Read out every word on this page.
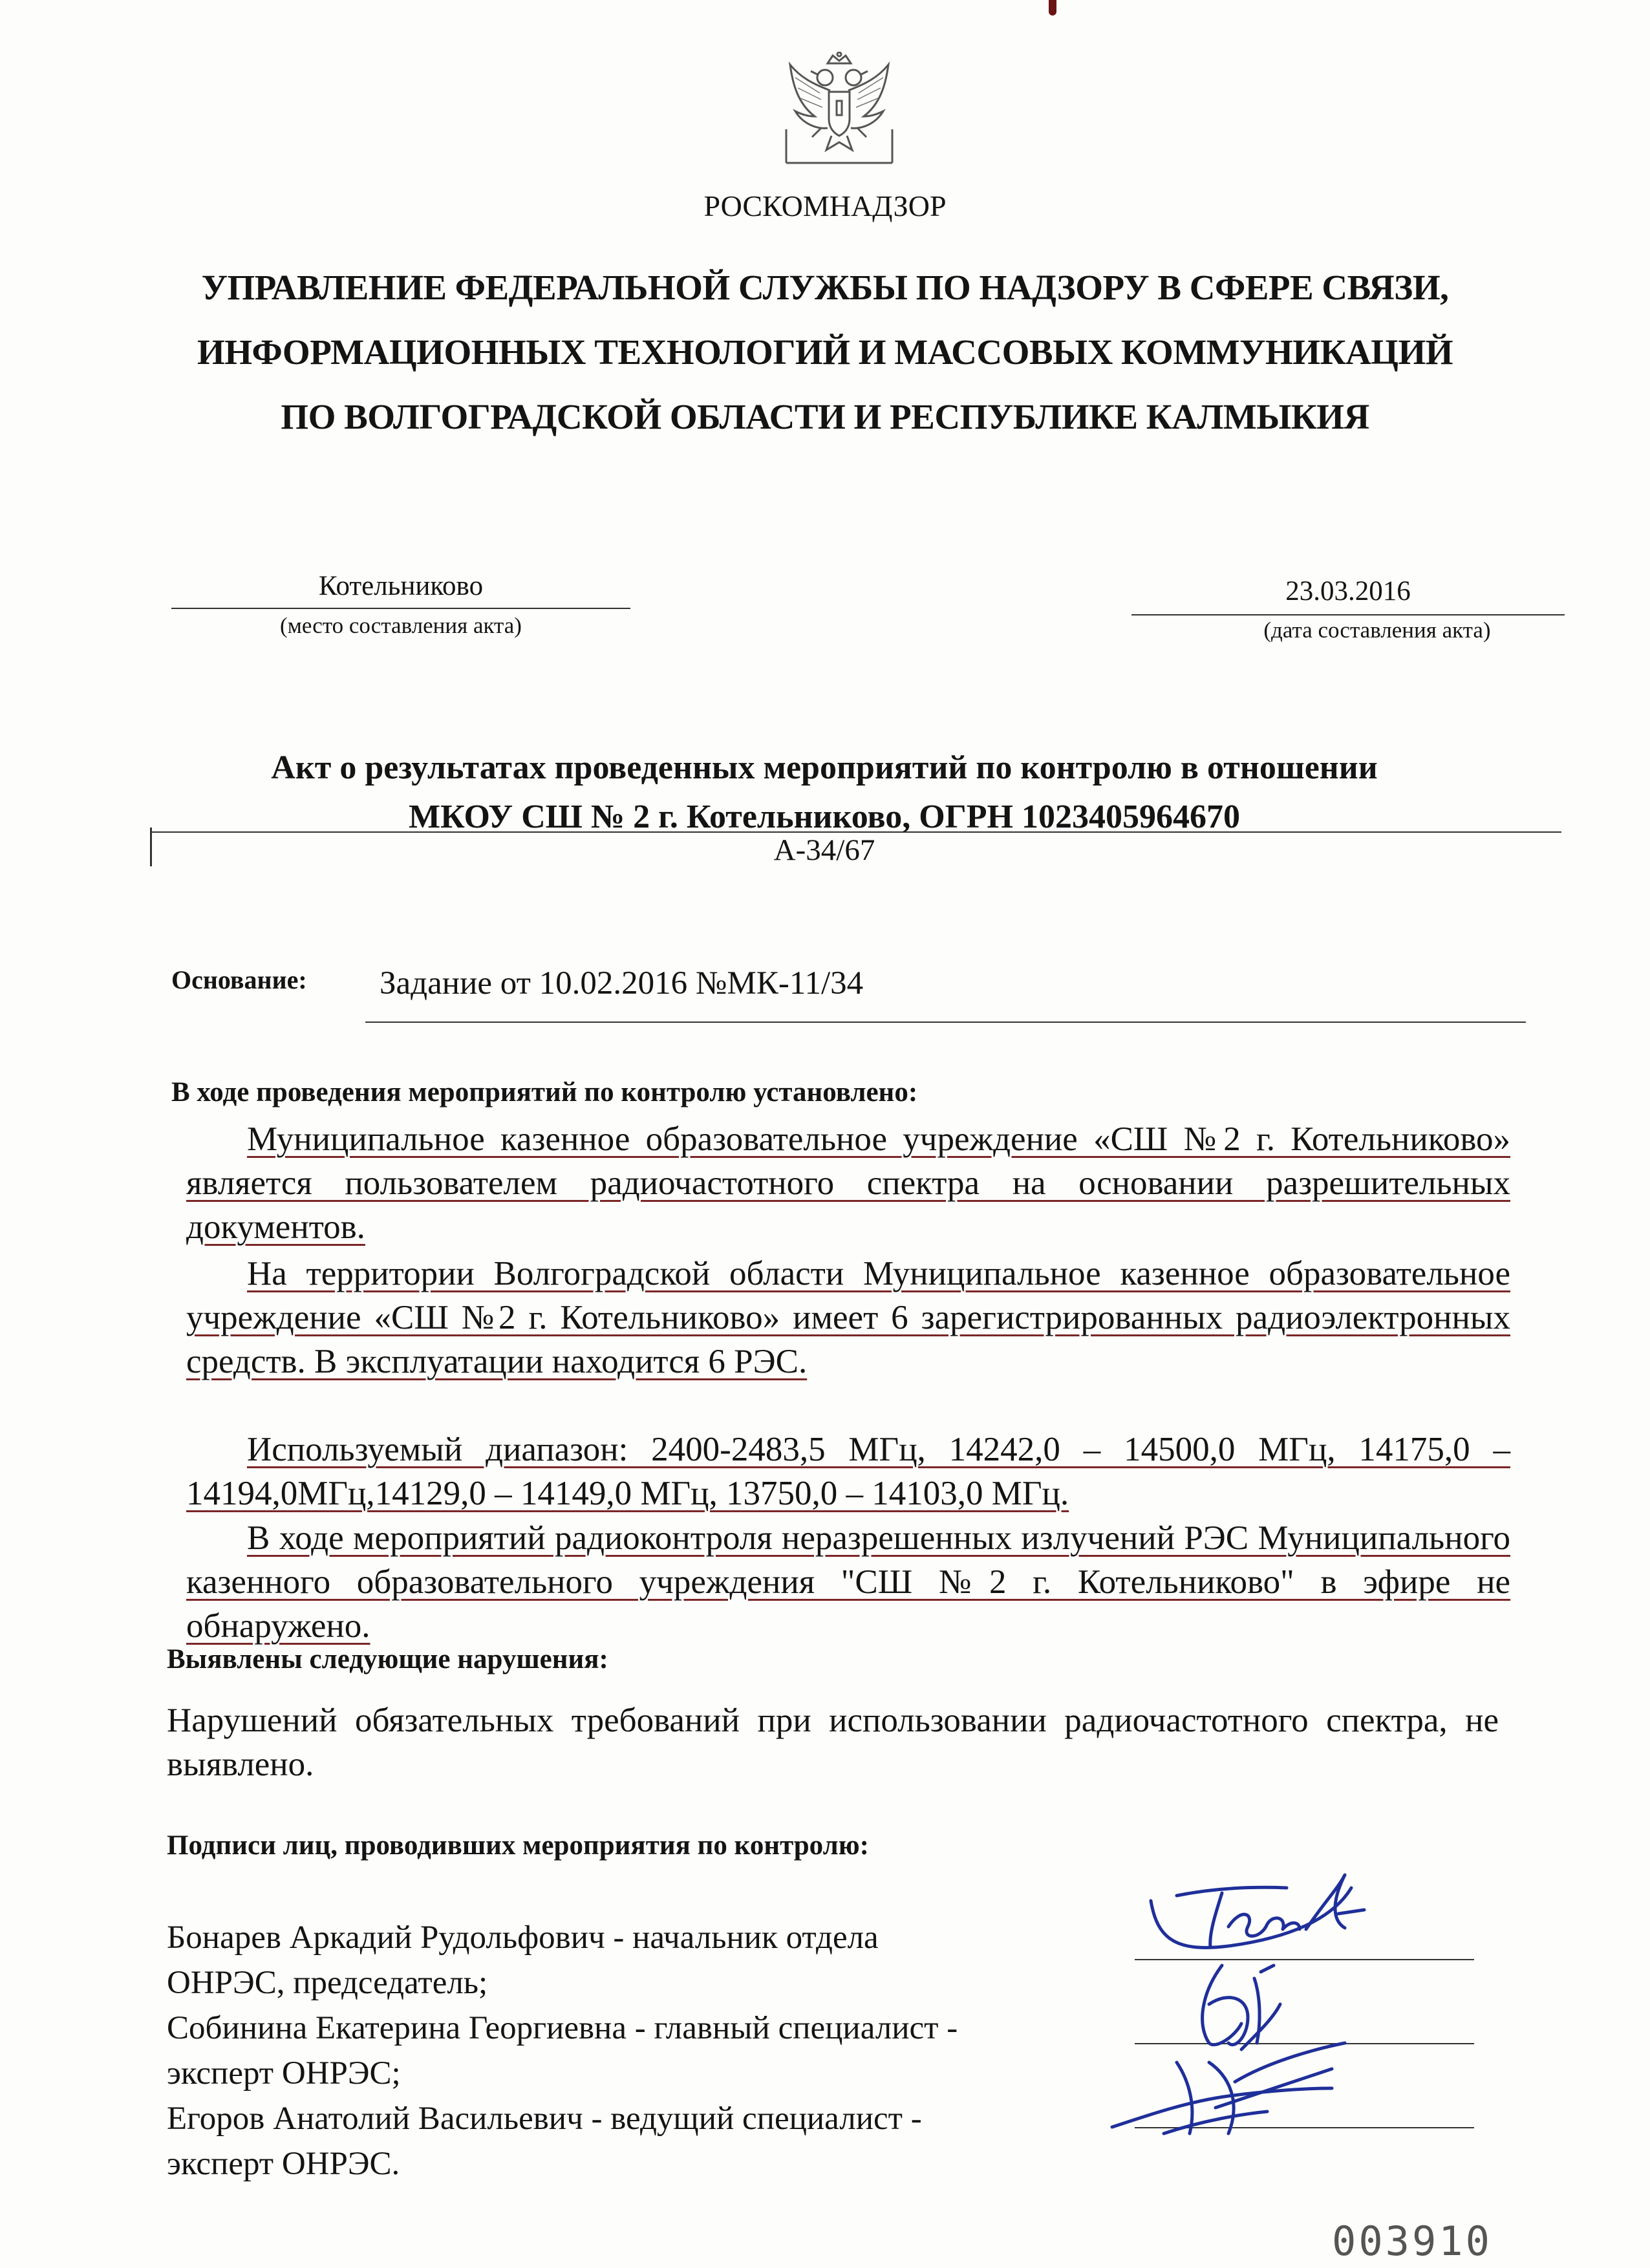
РОСКОМНАДЗОР
УПРАВЛЕНИЕ ФЕДЕРАЛЬНОЙ СЛУЖБЫ ПО НАДЗОРУ В СФЕРЕ СВЯЗИ,
ИНФОРМАЦИОННЫХ ТЕХНОЛОГИЙ И МАССОВЫХ КОММУНИКАЦИЙ
ПО ВОЛГОГРАДСКОЙ ОБЛАСТИ И РЕСПУБЛИКЕ КАЛМЫКИЯ
Котельниково
(место составления акта)
23.03.2016
(дата составления акта)
Акт о результатах проведенных мероприятий по контролю в отношении
МКОУ СШ № 2 г. Котельниково, ОГРН 1023405964670
А-34/67
Основание: Задание от 10.02.2016 №МК-11/34
В ходе проведения мероприятий по контролю установлено:
Муниципальное казенное образовательное учреждение «СШ №2 г. Котельниково» является пользователем радиочастотного спектра на основании разрешительных документов.
На территории Волгоградской области Муниципальное казенное образовательное учреждение «СШ №2 г. Котельниково» имеет 6 зарегистрированных радиоэлектронных средств. В эксплуатации находится 6 РЭС.
Используемый диапазон: 2400-2483,5 МГц, 14242,0 – 14500,0 МГц, 14175,0 – 14194,0МГц,14129,0 – 14149,0 МГц, 13750,0 – 14103,0 МГц.
В ходе мероприятий радиоконтроля неразрешенных излучений РЭС Муниципального казенного образовательного учреждения "СШ №2 г. Котельниково" в эфире не обнаружено.
Выявлены следующие нарушения:
Нарушений обязательных требований при использовании радиочастотного спектра, не выявлено.
Подписи лиц, проводивших мероприятия по контролю:
Бонарев Аркадий Рудольфович - начальник отдела
ОНРЭС, председатель;
Собинина Екатерина Георгиевна - главный специалист -
эксперт ОНРЭС;
Егоров Анатолий Васильевич - ведущий специалист -
эксперт ОНРЭС.
003910
